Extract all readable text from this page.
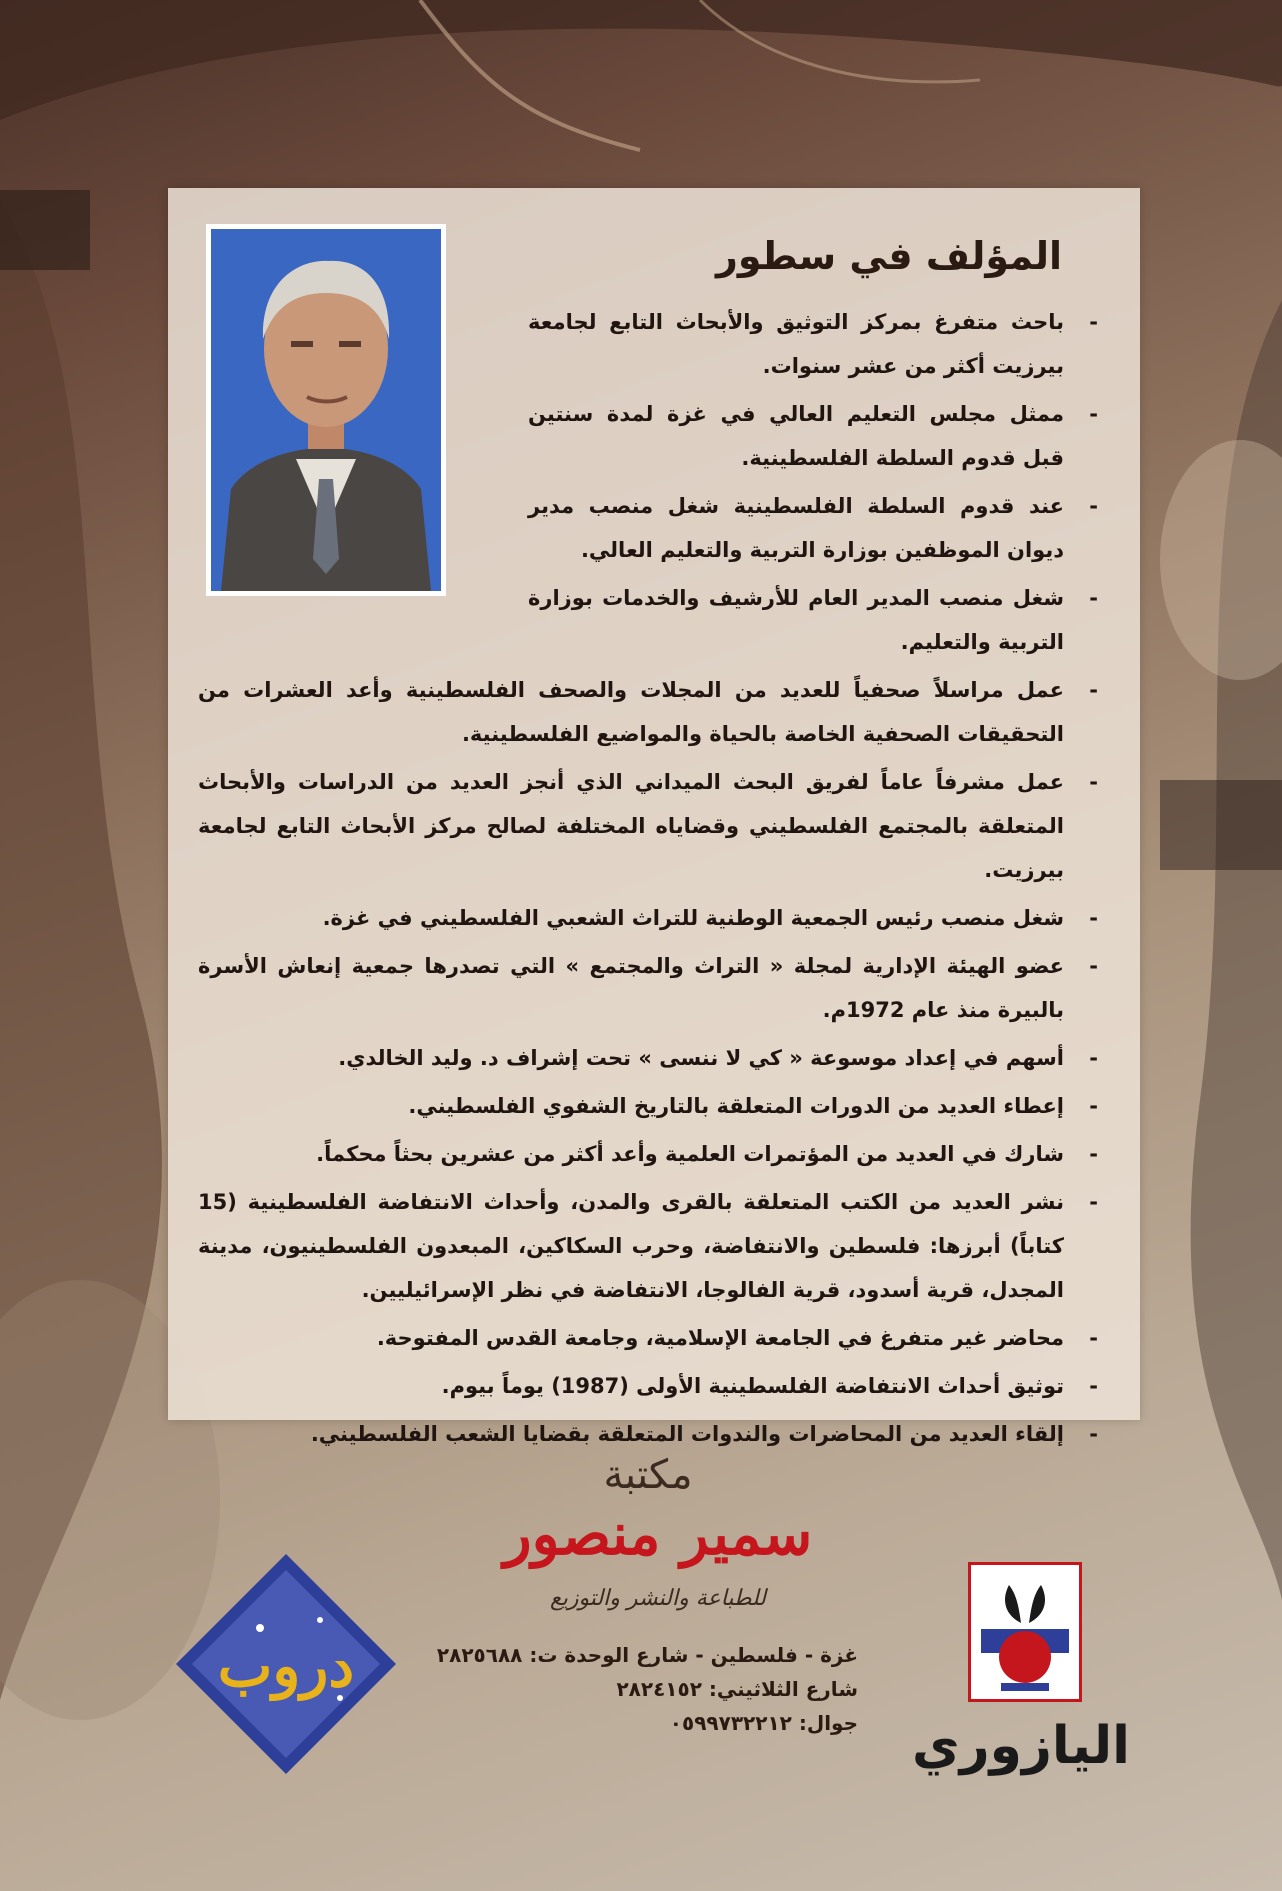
المؤلف في سطور
- باحث متفرغ بمركز التوثيق والأبحاث التابع لجامعة بيرزيت أكثر من عشر سنوات.
- ممثل مجلس التعليم العالي في غزة لمدة سنتين قبل قدوم السلطة الفلسطينية.
- عند قدوم السلطة الفلسطينية شغل منصب مدير ديوان الموظفين بوزارة التربية والتعليم العالي.
- شغل منصب المدير العام للأرشيف والخدمات بوزارة التربية والتعليم.
- عمل مراسلاً صحفياً للعديد من المجلات والصحف الفلسطينية وأعد العشرات من التحقيقات الصحفية الخاصة بالحياة والمواضيع الفلسطينية.
- عمل مشرفاً عاماً لفريق البحث الميداني الذي أنجز العديد من الدراسات والأبحاث المتعلقة بالمجتمع الفلسطيني وقضاياه المختلفة لصالح مركز الأبحاث التابع لجامعة بيرزيت.
- شغل منصب رئيس الجمعية الوطنية للتراث الشعبي الفلسطيني في غزة.
- عضو الهيئة الإدارية لمجلة « التراث والمجتمع » التي تصدرها جمعية إنعاش الأسرة بالبيرة منذ عام 1972م.
- أسهم في إعداد موسوعة « كي لا ننسى » تحت إشراف د. وليد الخالدي.
- إعطاء العديد من الدورات المتعلقة بالتاريخ الشفوي الفلسطيني.
- شارك في العديد من المؤتمرات العلمية وأعد أكثر من عشرين بحثاً محكماً.
- نشر العديد من الكتب المتعلقة بالقرى والمدن، وأحداث الانتفاضة الفلسطينية (15 كتاباً) أبرزها: فلسطين والانتفاضة، وحرب السكاكين، المبعدون الفلسطينيون، مدينة المجدل، قرية أسدود، قرية الفالوجا، الانتفاضة في نظر الإسرائيليين.
- محاضر غير متفرغ في الجامعة الإسلامية، وجامعة القدس المفتوحة.
- توثيق أحداث الانتفاضة الفلسطينية الأولى (1987) يوماً بيوم.
- إلقاء العديد من المحاضرات والندوات المتعلقة بقضايا الشعب الفلسطيني.
مكتبة
سمير منصور
للطباعة والنشر والتوزيع
غزة - فلسطين - شارع الوحدة ت: ٢٨٢٥٦٨٨
شارع الثلاثيني: ٢٨٢٤١٥٢
جوال: ٠٥٩٩٧٣٢٢١٢ اليازوري
دروب
